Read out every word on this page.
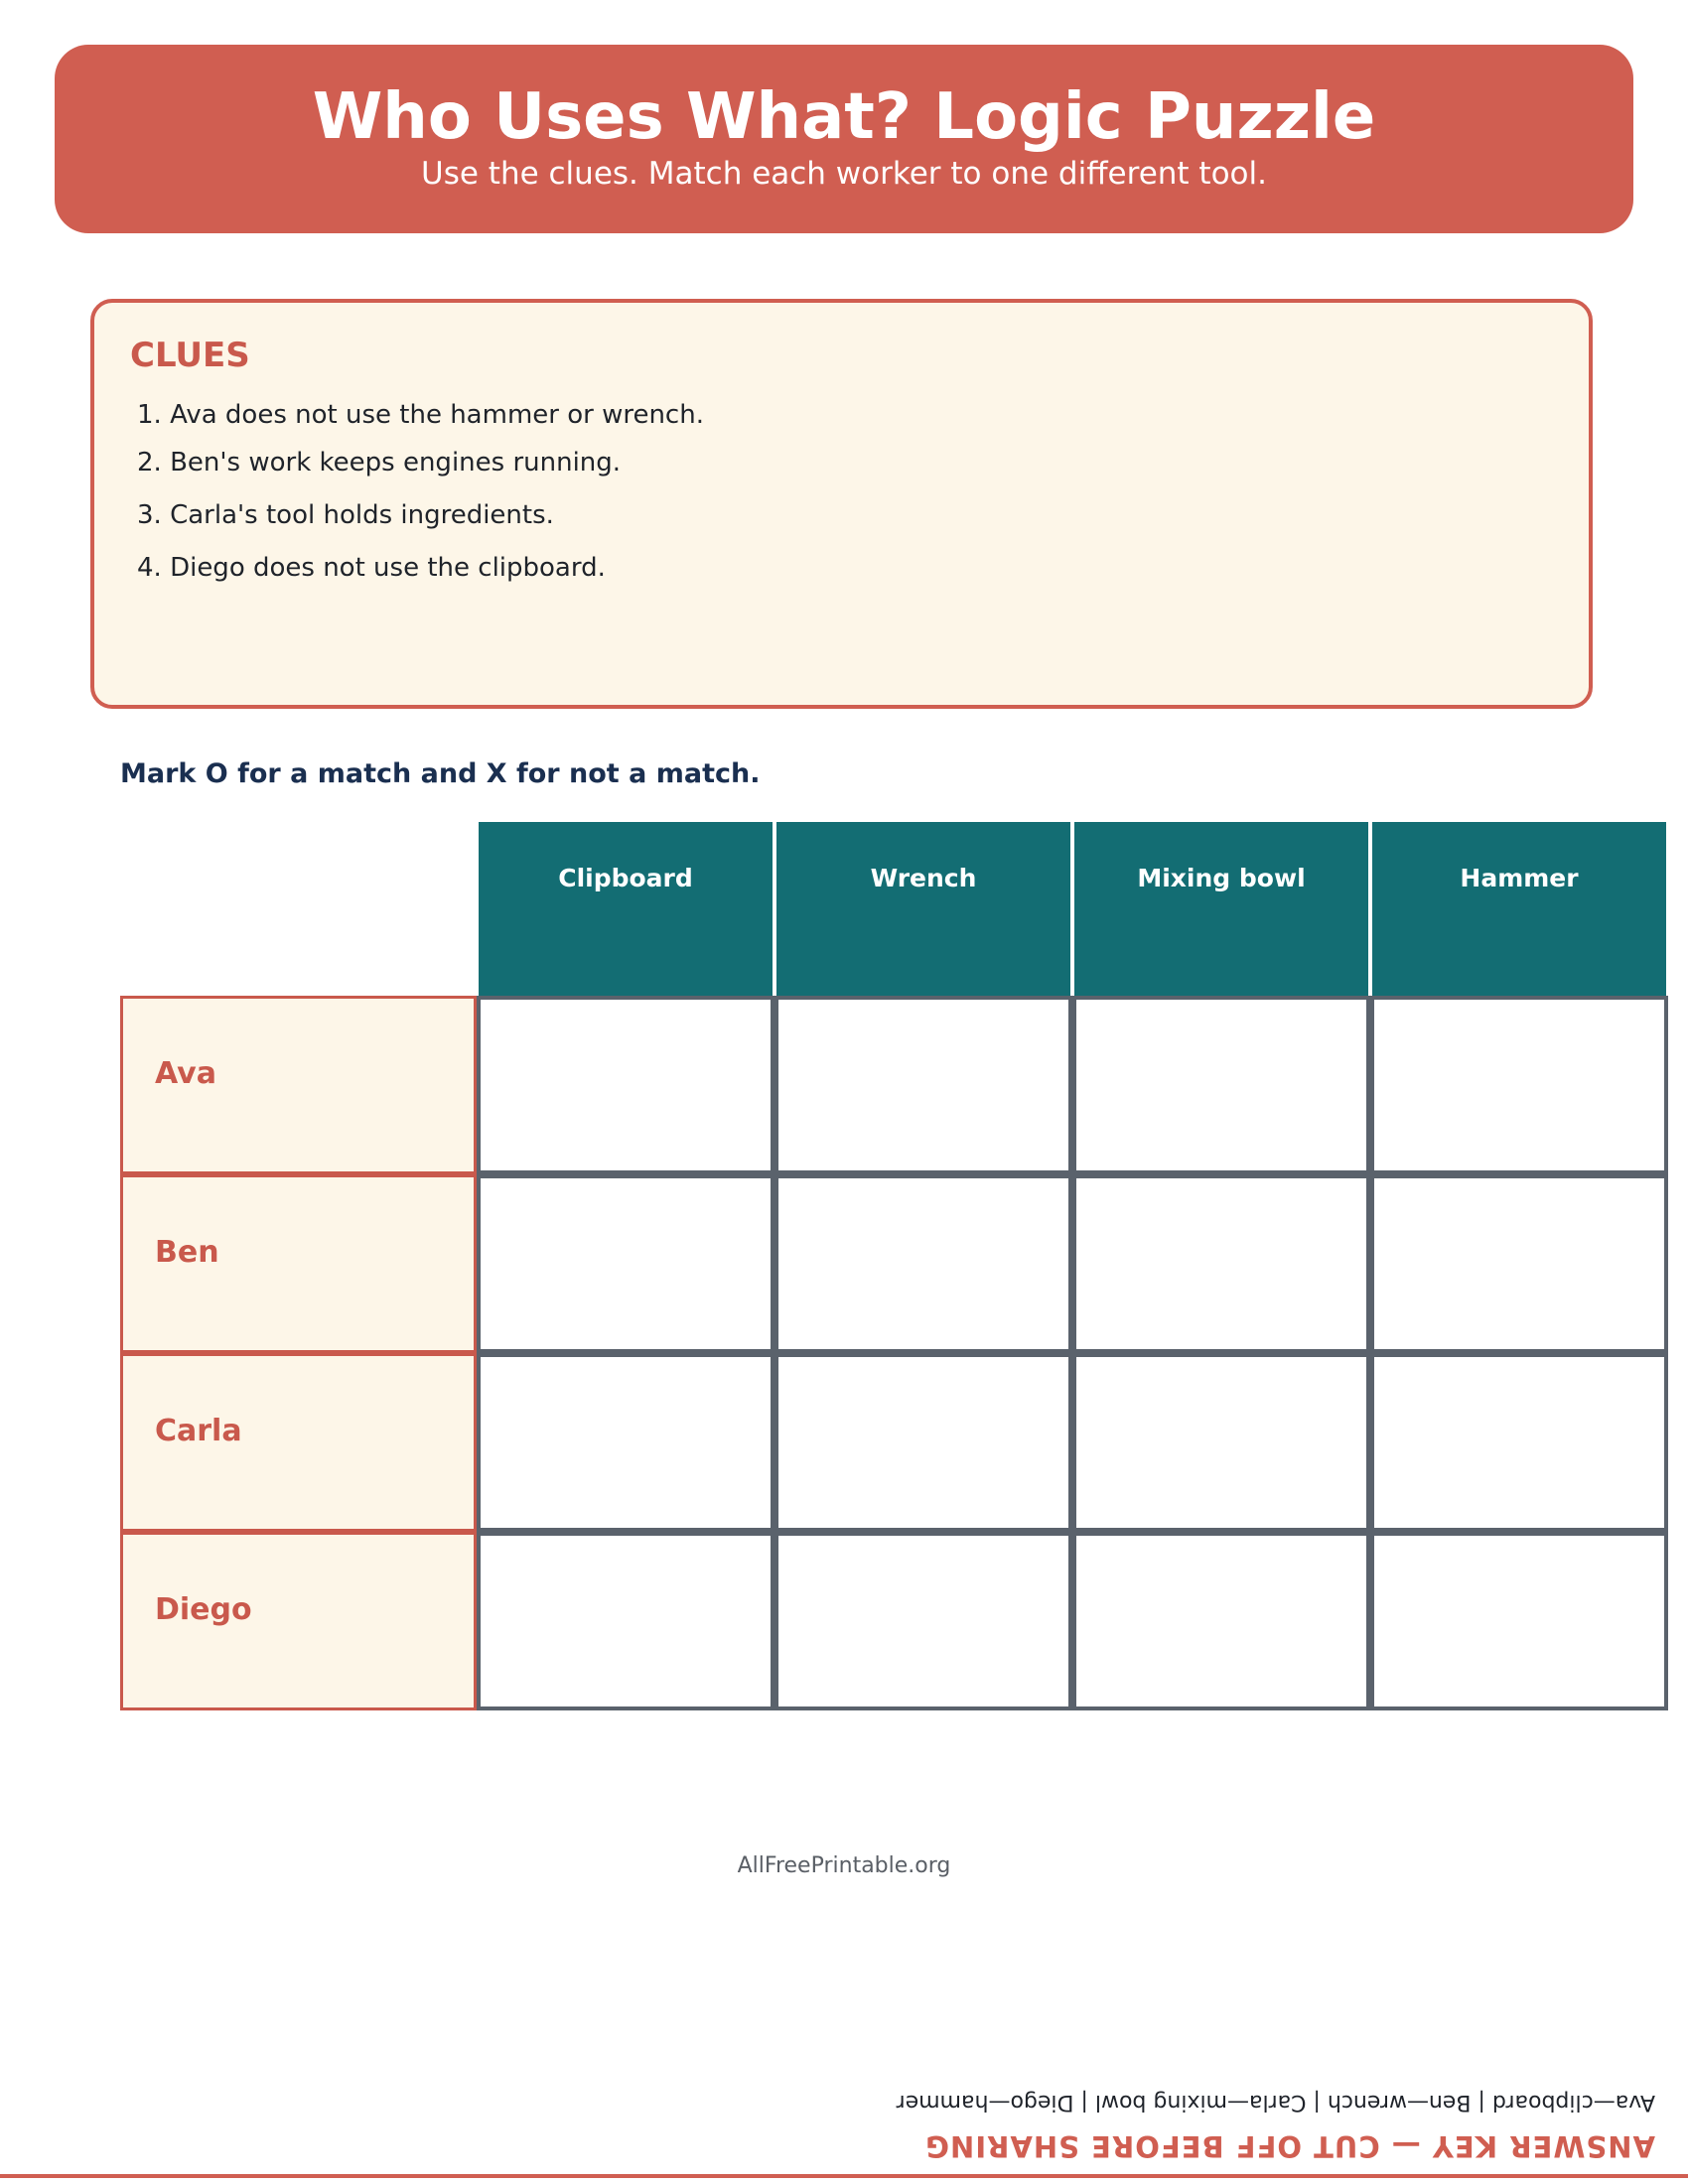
Who Uses What? Logic Puzzle
Use the clues. Match each worker to one different tool.
CLUES
1. Ava does not use the hammer or wrench.
2. Ben's work keeps engines running.
3. Carla's tool holds ingredients.
4. Diego does not use the clipboard.
Mark O for a match and X for not a match.
Clipboard	Wrench	Mixing bowl	Hammer
Ava
Ben
Carla
Diego
AllFreePrintable.org
ANSWER KEY — CUT OFF BEFORE SHARING
Ava—clipboard | Ben—wrench | Carla—mixing bowl | Diego—hammer
